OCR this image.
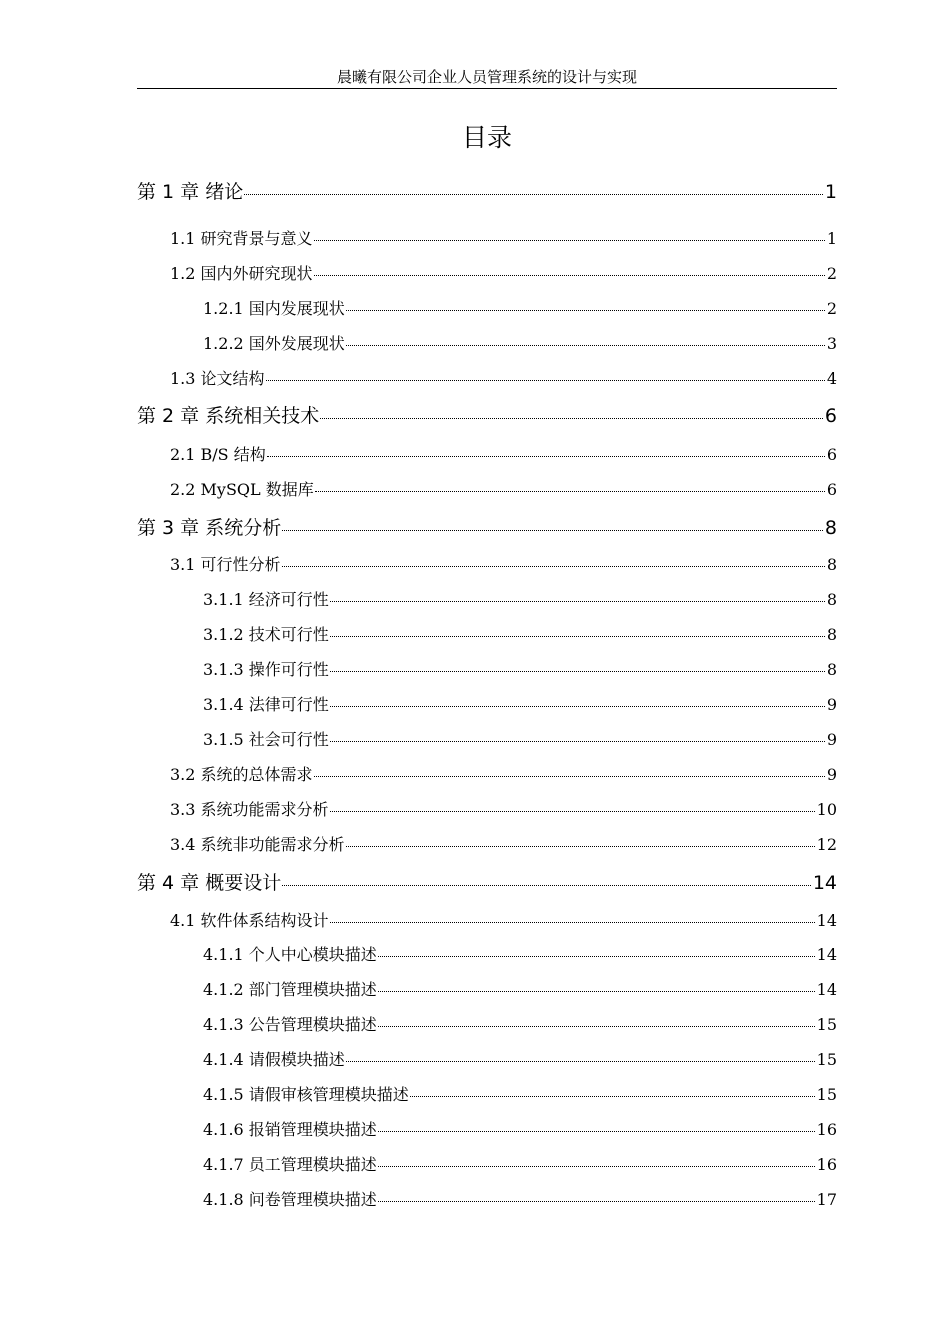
晨曦有限公司企业人员管理系统的设计与实现
目录
第 1 章 绪论	1
1.1 研究背景与意义	1
1.2 国内外研究现状	2
1.2.1 国内发展现状	2
1.2.2 国外发展现状	3
1.3 论文结构	4
第 2 章 系统相关技术	6
2.1 B/S 结构	6
2.2 MySQL 数据库	6
第 3 章 系统分析	8
3.1 可行性分析	8
3.1.1 经济可行性	8
3.1.2 技术可行性	8
3.1.3 操作可行性	8
3.1.4 法律可行性	9
3.1.5 社会可行性	9
3.2 系统的总体需求	9
3.3 系统功能需求分析	10
3.4 系统非功能需求分析	12
第 4 章 概要设计	14
4.1 软件体系结构设计	14
4.1.1 个人中心模块描述	14
4.1.2 部门管理模块描述	14
4.1.3 公告管理模块描述	15
4.1.4 请假模块描述	15
4.1.5 请假审核管理模块描述	15
4.1.6 报销管理模块描述	16
4.1.7 员工管理模块描述	16
4.1.8 问卷管理模块描述	17
